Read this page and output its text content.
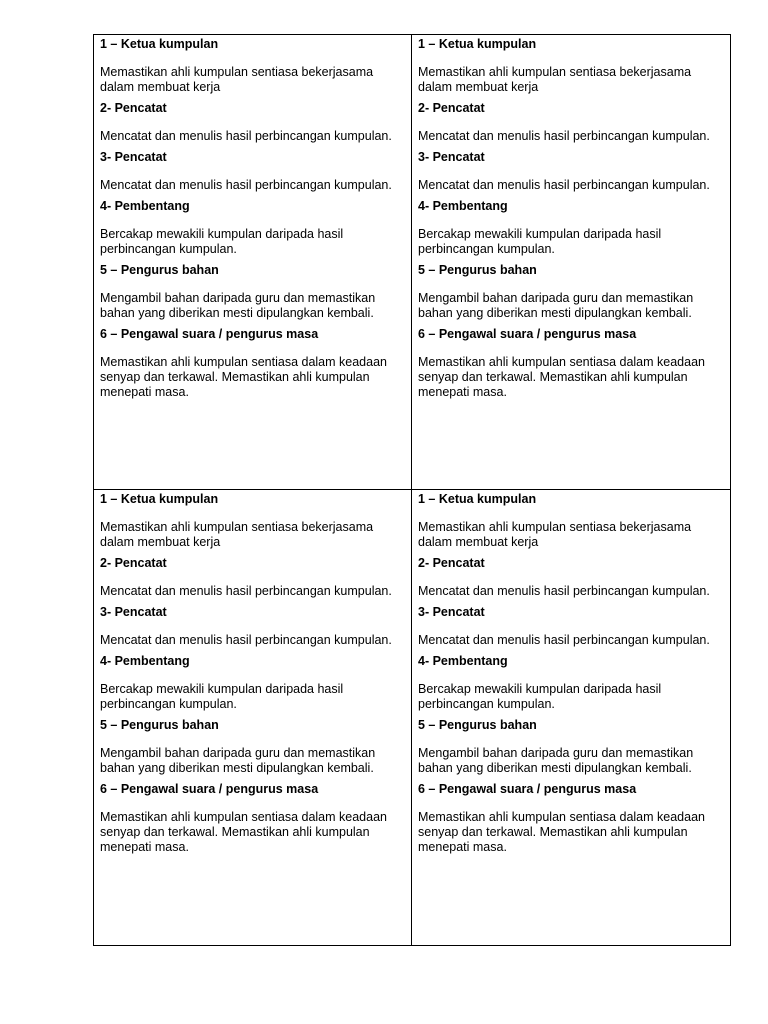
1 – Ketua kumpulan

Memastikan ahli kumpulan sentiasa bekerjasama dalam membuat kerja

2- Pencatat

Mencatat dan menulis hasil perbincangan kumpulan.

3- Pencatat

Mencatat dan menulis hasil perbincangan kumpulan.

4- Pembentang

Bercakap mewakili kumpulan daripada hasil perbincangan kumpulan.

5 – Pengurus bahan

Mengambil bahan daripada guru dan memastikan bahan yang diberikan mesti dipulangkan kembali.

6 – Pengawal suara / pengurus masa

Memastikan ahli kumpulan sentiasa dalam keadaan senyap dan terkawal. Memastikan ahli kumpulan menepati masa.

1 – Ketua kumpulan

Memastikan ahli kumpulan sentiasa bekerjasama dalam membuat kerja

2- Pencatat

Mencatat dan menulis hasil perbincangan kumpulan.

3- Pencatat

Mencatat dan menulis hasil perbincangan kumpulan.

4- Pembentang

Bercakap mewakili kumpulan daripada hasil perbincangan kumpulan.

5 – Pengurus bahan

Mengambil bahan daripada guru dan memastikan bahan yang diberikan mesti dipulangkan kembali.

6 – Pengawal suara / pengurus masa

Memastikan ahli kumpulan sentiasa dalam keadaan senyap dan terkawal. Memastikan ahli kumpulan menepati masa.

1 – Ketua kumpulan

Memastikan ahli kumpulan sentiasa bekerjasama dalam membuat kerja

2- Pencatat

Mencatat dan menulis hasil perbincangan kumpulan.

3- Pencatat

Mencatat dan menulis hasil perbincangan kumpulan.

4- Pembentang

Bercakap mewakili kumpulan daripada hasil perbincangan kumpulan.

5 – Pengurus bahan

Mengambil bahan daripada guru dan memastikan bahan yang diberikan mesti dipulangkan kembali.

6 – Pengawal suara / pengurus masa

Memastikan ahli kumpulan sentiasa dalam keadaan senyap dan terkawal. Memastikan ahli kumpulan menepati masa.

1 – Ketua kumpulan

Memastikan ahli kumpulan sentiasa bekerjasama dalam membuat kerja

2- Pencatat

Mencatat dan menulis hasil perbincangan kumpulan.

3- Pencatat

Mencatat dan menulis hasil perbincangan kumpulan.

4- Pembentang

Bercakap mewakili kumpulan daripada hasil perbincangan kumpulan.

5 – Pengurus bahan

Mengambil bahan daripada guru dan memastikan bahan yang diberikan mesti dipulangkan kembali.

6 – Pengawal suara / pengurus masa

Memastikan ahli kumpulan sentiasa dalam keadaan senyap dan terkawal. Memastikan ahli kumpulan menepati masa.
